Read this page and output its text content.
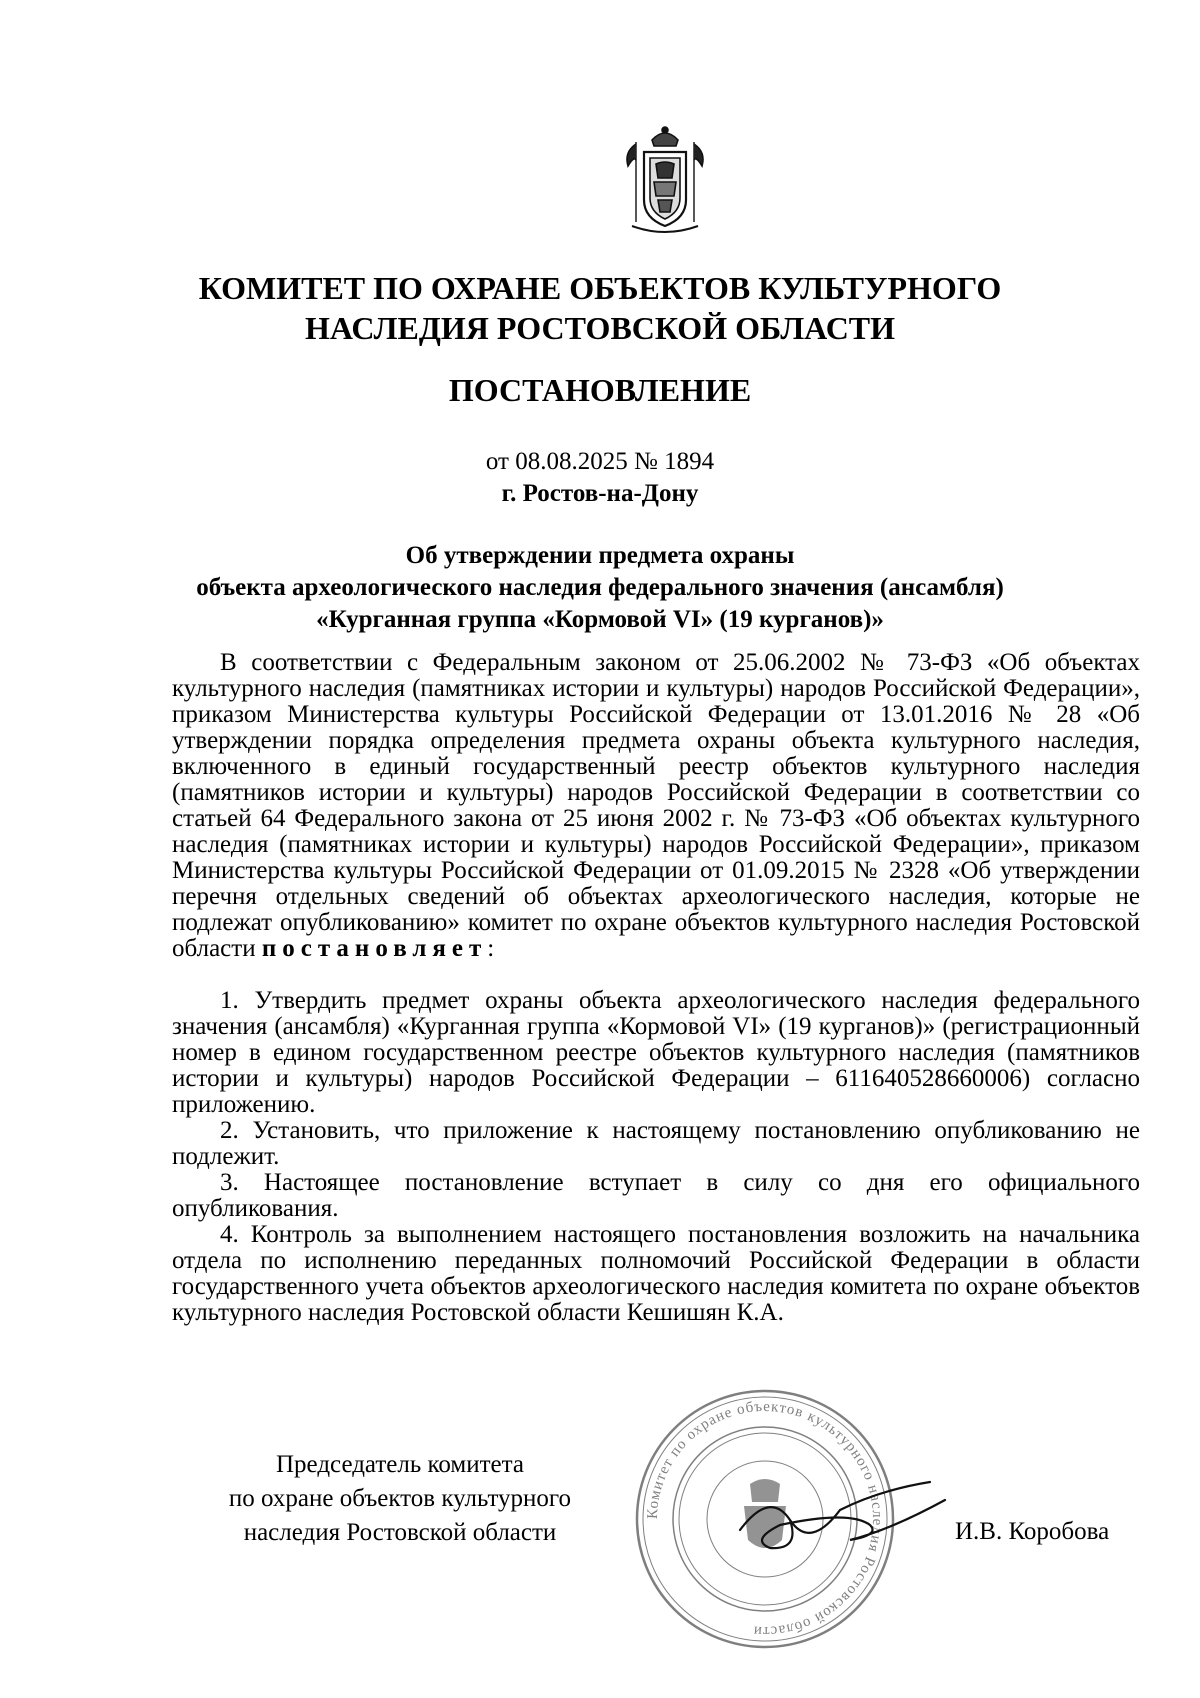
КОМИТЕТ ПО ОХРАНЕ ОБЪЕКТОВ КУЛЬТУРНОГО
НАСЛЕДИЯ РОСТОВСКОЙ ОБЛАСТИ
ПОСТАНОВЛЕНИЕ
от 08.08.2025 № 1894
г. Ростов-на-Дону
Об утверждении предмета охраны
объекта археологического наследия федерального значения (ансамбля)
«Курганная группа «Кормовой VI» (19 курганов)»

В соответствии с Федеральным законом от 25.06.2002 № 73-ФЗ «Об объектах культурного наследия (памятниках истории и культуры) народов Российской Федерации», приказом Министерства культуры Российской Федерации от 13.01.2016 № 28 «Об утверждении порядка определения предмета охраны объекта культурного наследия, включенного в единый государственный реестр объектов культурного наследия (памятников истории и культуры) народов Российской Федерации в соответствии со статьей 64 Федерального закона от 25 июня 2002 г. № 73-ФЗ «Об объектах культурного наследия (памятниках истории и культуры) народов Российской Федерации», приказом Министерства культуры Российской Федерации от 01.09.2015 № 2328 «Об утверждении перечня отдельных сведений об объектах археологического наследия, которые не подлежат опубликованию» комитет по охране объектов культурного наследия Ростовской области постановляет:

1. Утвердить предмет охраны объекта археологического наследия федерального значения (ансамбля) «Курганная группа «Кормовой VI» (19 курганов)» (регистрационный номер в едином государственном реестре объектов культурного наследия (памятников истории и культуры) народов Российской Федерации – 611640528660006) согласно приложению.

2. Установить, что приложение к настоящему постановлению опубликованию не подлежит.

3. Настоящее постановление вступает в силу со дня его официального опубликования.

4. Контроль за выполнением настоящего постановления возложить на начальника отдела по исполнению переданных полномочий Российской Федерации в области государственного учета объектов археологического наследия комитета по охране объектов культурного наследия Ростовской области Кешишян К.А.

Председатель комитета
по охране объектов культурного
наследия Ростовской области
Комитет по охране объектов культурного наследия Ростовской области
И.В. Коробова
